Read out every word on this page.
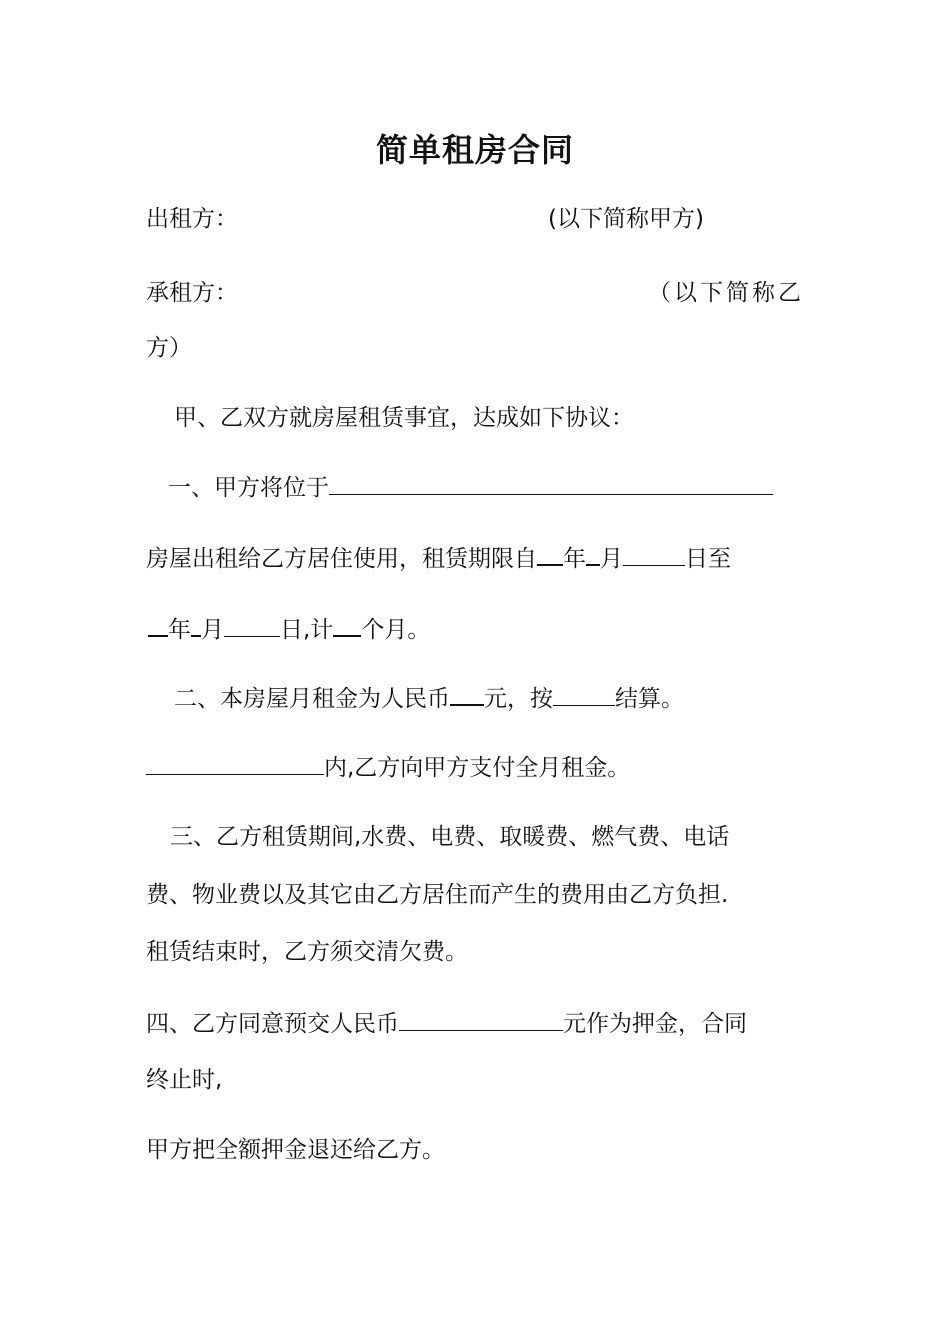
简单租房合同
出租方：	(以下简称甲方)
承租方：	（以下简称乙
方）
甲、乙双方就房屋租赁事宜，达成如下协议：
一、甲方将位于
房屋出租给乙方居住使用，租赁期限自 年 月	日至
年 月 日,计 个月。
二、本房屋月租金为人民币 元，按	结算。
内,乙方向甲方支付全月租金。
三、乙方租赁期间,水费、电费、取暖费、燃气费、电话
费、物业费以及其它由乙方居住而产生的费用由乙方负担.
租赁结束时，乙方须交清欠费。
四、乙方同意预交人民币	元作为押金，合同
终止时,
甲方把全额押金退还给乙方。
